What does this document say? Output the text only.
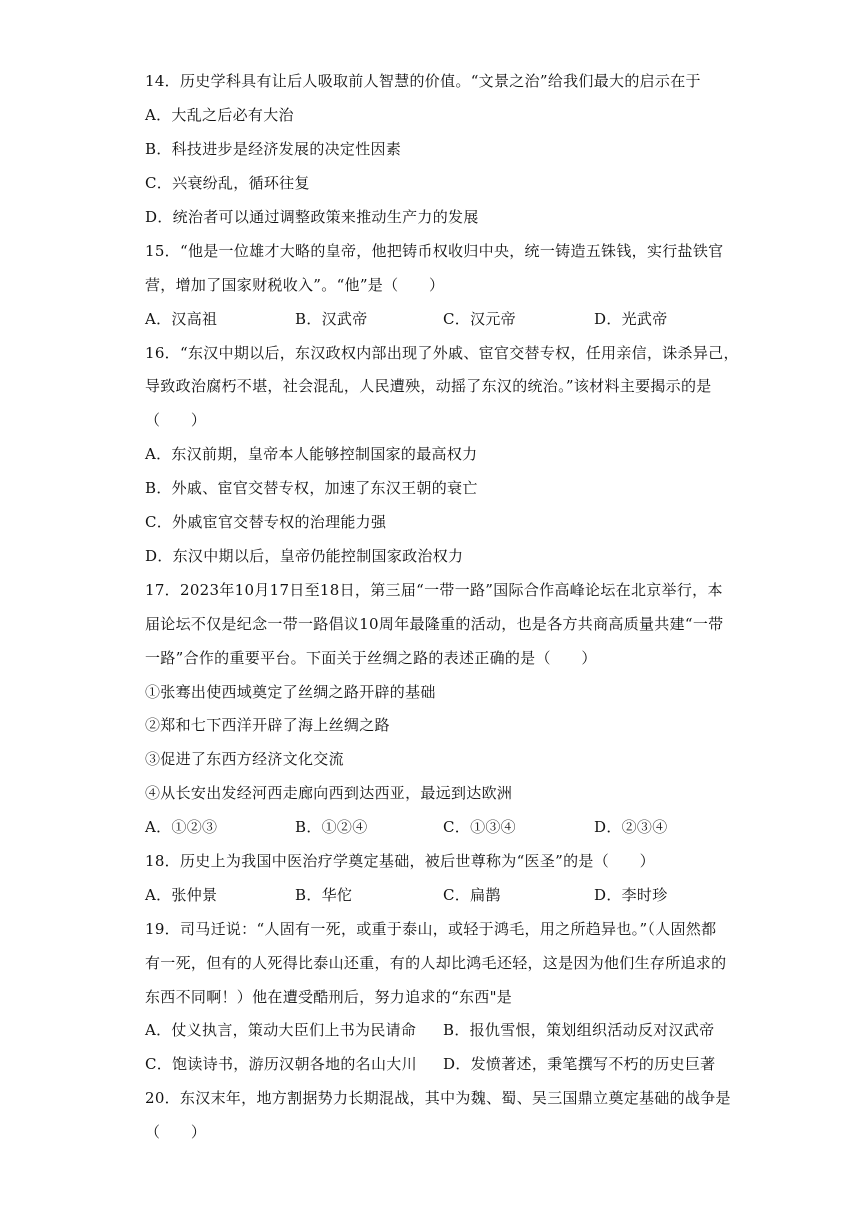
14．历史学科具有让后人吸取前人智慧的价值。“文景之治”给我们最大的启示在于
A．大乱之后必有大治
B．科技进步是经济发展的决定性因素
C．兴衰纷乱，循环往复
D．统治者可以通过调整政策来推动生产力的发展
15．“他是一位雄才大略的皇帝，他把铸币权收归中央，统一铸造五铢钱，实行盐铁官
营，增加了国家财税收入”。“他”是（　　）
A．汉高祖	B．汉武帝	C．汉元帝	D．光武帝
16．“东汉中期以后，东汉政权内部出现了外戚、宦官交替专权，任用亲信，诛杀异己，
导致政治腐朽不堪，社会混乱，人民遭殃，动摇了东汉的统治。”该材料主要揭示的是
（　　）
A．东汉前期，皇帝本人能够控制国家的最高权力
B．外戚、宦官交替专权，加速了东汉王朝的衰亡
C．外戚宦官交替专权的治理能力强
D．东汉中期以后，皇帝仍能控制国家政治权力
17．2023年10月17日至18日，第三届“一带一路”国际合作高峰论坛在北京举行，本
届论坛不仅是纪念一带一路倡议10周年最隆重的活动，也是各方共商高质量共建“一带
一路”合作的重要平台。下面关于丝绸之路的表述正确的是（　　）
①张骞出使西域奠定了丝绸之路开辟的基础
②郑和七下西洋开辟了海上丝绸之路
③促进了东西方经济文化交流
④从长安出发经河西走廊向西到达西亚，最远到达欧洲
A．①②③	B．①②④	C．①③④	D．②③④
18．历史上为我国中医治疗学奠定基础，被后世尊称为“医圣”的是（　　）
A．张仲景	B．华佗	C．扁鹊	D．李时珍
19．司马迁说：“人固有一死，或重于泰山，或轻于鸿毛，用之所趋异也。”（人固然都
有一死，但有的人死得比泰山还重，有的人却比鸿毛还轻，这是因为他们生存所追求的
东西不同啊！）他在遭受酷刑后，努力追求的“东西"是
A．仗义执言，策动大臣们上书为民请命 B．报仇雪恨，策划组织活动反对汉武帝
C．饱读诗书，游历汉朝各地的名山大川 D．发愤著述，秉笔撰写不朽的历史巨著
20．东汉末年，地方割据势力长期混战，其中为魏、蜀、吴三国鼎立奠定基础的战争是
（　　）
